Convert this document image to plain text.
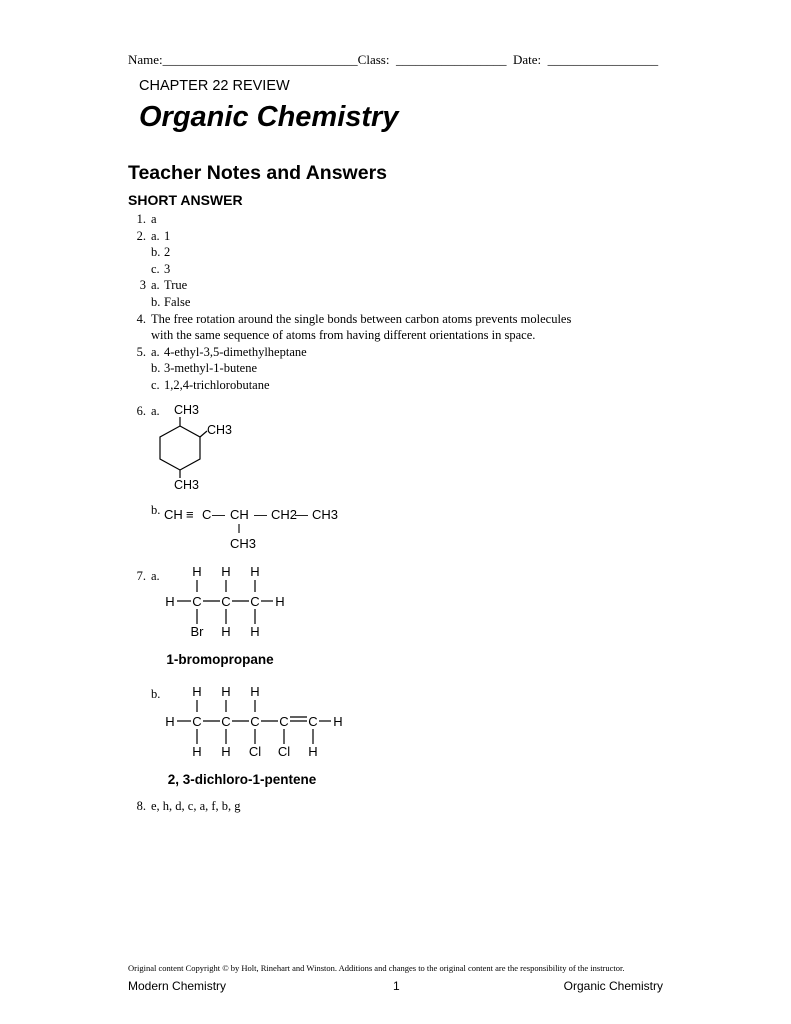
Name:______________________________Class: _________________ Date: _________________
CHAPTER 22 REVIEW
Organic Chemistry
Teacher Notes and Answers
SHORT ANSWER
1. a
2. a. 1
b. 2
c. 3
3 a. True
b. False
4. The free rotation around the single bonds between carbon atoms prevents molecules
with the same sequence of atoms from having different orientations in space.
5. a. 4-ethyl-3,5-dimethylheptane
b. 3-methyl-1-butene
c. 1,2,4-trichlorobutane
6. a. CH3
CH3
CH3
b. CH ≡ C — CH — CH2
— CH3
CH3
7. a.
H C
H
Br
C
H
H
C
H
H
H
1-bromopropane
b.
H C
H
H
C
H
H
C
H
Cl
C
Cl
C
H
H
2, 3-dichloro-1-pentene
8. e, h, d, c, a, f, b, g
Original content Copyright © by Holt, Rinehart and Winston. Additions and changes to the original content are the responsibility of the instructor.
Modern Chemistry	1	Organic Chemistry
